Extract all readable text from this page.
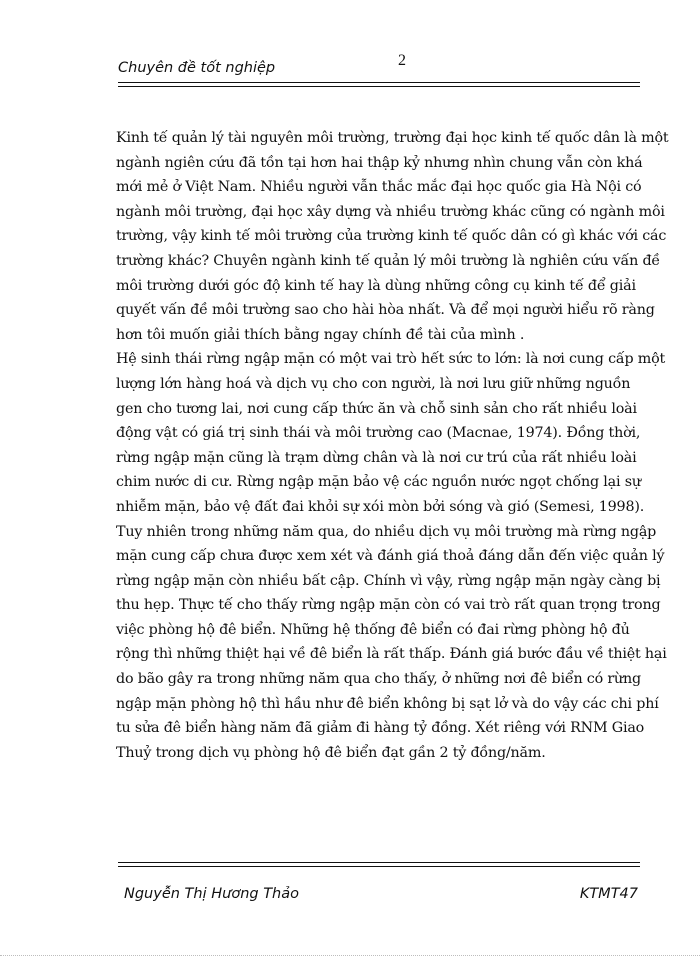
Chuyên đề tốt nghiệp	2
Kinh tế quản lý tài nguyên môi trường, trường đại học kinh tế quốc dân là một
ngành ngiên cứu đã tồn tại hơn hai thập kỷ nhưng nhìn chung vẫn còn khá
mới mẻ ở Việt Nam. Nhiều người vẫn thắc mắc đại học quốc gia Hà Nội có
ngành môi trường, đại học xây dựng và nhiều trường khác cũng có ngành môi
trường, vậy kinh tế môi trường của trường kinh tế quốc dân có gì khác với các
trường khác? Chuyên ngành kinh tế quản lý môi trường là nghiên cứu vấn đề
môi trường dưới góc độ kinh tế hay là dùng những công cụ kinh tế để giải
quyết vấn đề môi trường sao cho hài hòa nhất. Và để mọi người hiểu rõ ràng
hơn tôi muốn giải thích bằng ngay chính đề tài của mình .
Hệ sinh thái rừng ngập mặn có một vai trò hết sức to lớn: là nơi cung cấp một
lượng lớn hàng hoá và dịch vụ cho con người, là nơi lưu giữ những nguồn
gen cho tương lai, nơi cung cấp thức ăn và chỗ sinh sản cho rất nhiều loài
động vật có giá trị sinh thái và môi trường cao (Macnae, 1974). Đồng thời,
rừng ngập mặn cũng là trạm dừng chân và là nơi cư trú của rất nhiều loài
chim nước di cư. Rừng ngập mặn bảo vệ các nguồn nước ngọt chống lại sự
nhiễm mặn, bảo vệ đất đai khỏi sự xói mòn bởi sóng và gió (Semesi, 1998).
Tuy nhiên trong những năm qua, do nhiều dịch vụ môi trường mà rừng ngập
mặn cung cấp chưa được xem xét và đánh giá thoả đáng dẫn đến việc quản lý
rừng ngập mặn còn nhiều bất cập. Chính vì vậy, rừng ngập mặn ngày càng bị
thu hẹp. Thực tế cho thấy rừng ngập mặn còn có vai trò rất quan trọng trong
việc phòng hộ đê biển. Những hệ thống đê biển có đai rừng phòng hộ đủ
rộng thì những thiệt hại về đê biển là rất thấp. Đánh giá bước đầu về thiệt hại
do bão gây ra trong những năm qua cho thấy, ở những nơi đê biển có rừng
ngập mặn phòng hộ thì hầu như đê biển không bị sạt lở và do vậy các chi phí
tu sửa đê biển hàng năm đã giảm đi hàng tỷ đồng. Xét riêng với RNM Giao
Thuỷ trong dịch vụ phòng hộ đê biển đạt gần 2 tỷ đồng/năm.
Nguyễn Thị Hương Thảo	KTMT47
